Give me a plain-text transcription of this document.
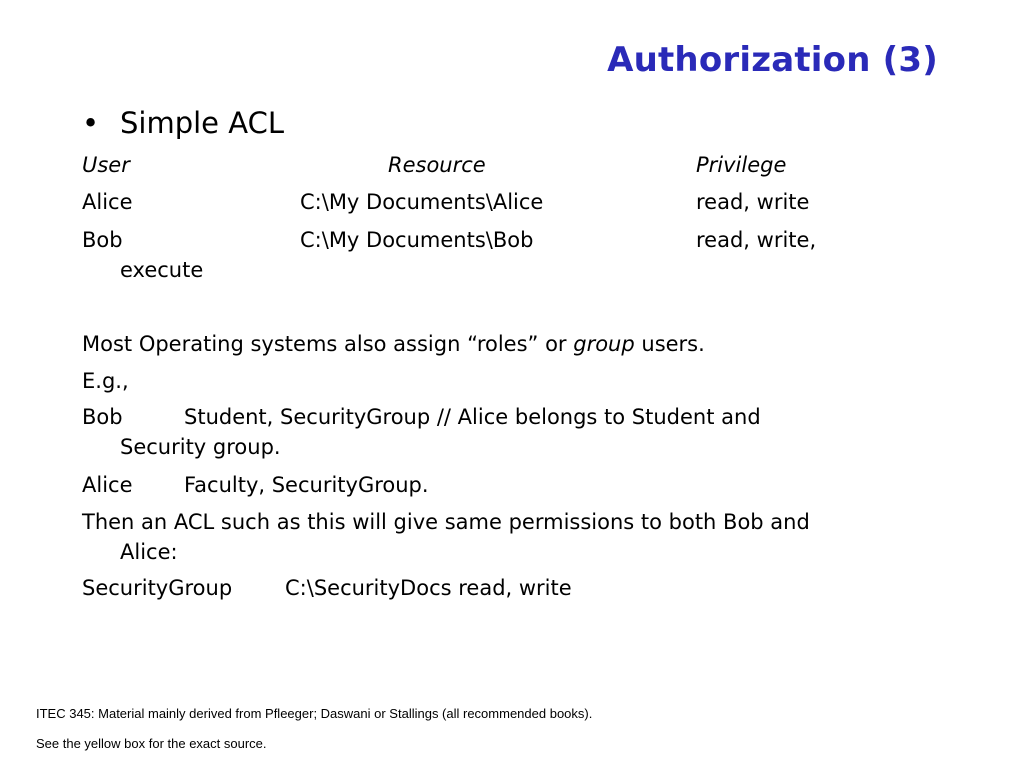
Authorization (3)
• Simple ACL
User	Resource	Privilege
Alice	C:\My Documents\Alice	read, write
Bob	C:\My Documents\Bob	read, write,
execute
Most Operating systems also assign “roles” or group users.
E.g.,
Bob	Student, SecurityGroup // Alice belongs to Student and
Security group.
Alice Faculty, SecurityGroup.
Then an ACL such as this will give same permissions to both Bob and
Alice:
SecurityGroup	C:\SecurityDocs read, write
ITEC 345: Material mainly derived from Pfleeger; Daswani or Stallings (all recommended books).
See the yellow box for the exact source.
